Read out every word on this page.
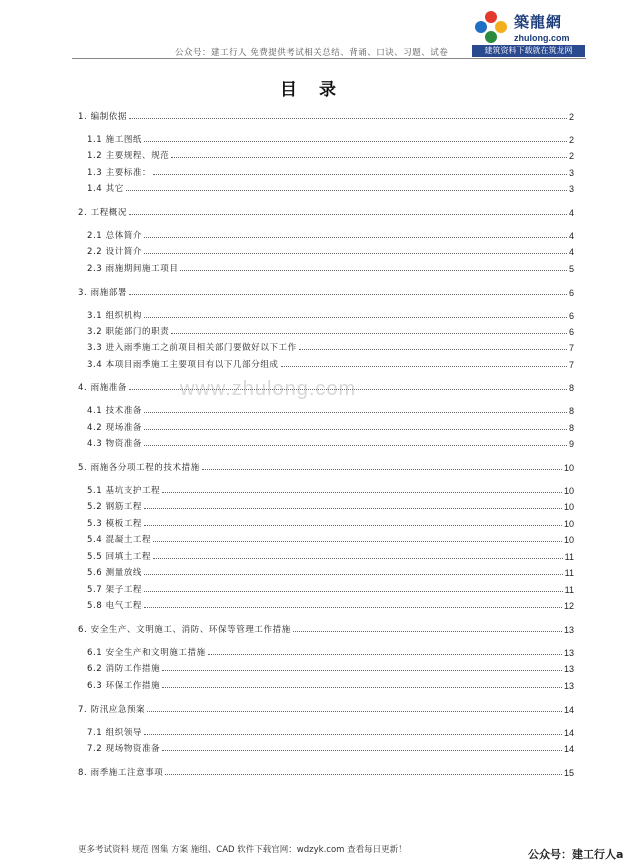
築龍網
zhulong.com
公众号：建工行人 免费提供考试相关总结、背诵、口诀、习题、试卷	建筑资料下载就在筑龙网
目录
www.zhulong.com
1. 编制依据	2
1.1 施工图纸	2
1.2 主要规程、规范	2
1.3 主要标准：	3
1.4 其它	3
2. 工程概况	4
2.1 总体简介	4
2.2 设计简介	4
2.3 雨施期间施工项目	5
3. 雨施部署	6
3.1 组织机构	6
3.2 职能部门的职责	6
3.3 进入雨季施工之前项目相关部门要做好以下工作	7
3.4 本项目雨季施工主要项目有以下几部分组成	7
4. 雨施准备	8
4.1 技术准备	8
4.2 现场准备	8
4.3 物资准备	9
5. 雨施各分项工程的技术措施	10
5.1 基坑支护工程	10
5.2 钢筋工程	10
5.3 模板工程	10
5.4 混凝土工程	10
5.5 回填土工程	11
5.6 测量放线	11
5.7 架子工程	11
5.8 电气工程	12
6. 安全生产、文明施工、消防、环保等管理工作措施	13
6.1 安全生产和文明施工措施	13
6.2 消防工作措施	13
6.3 环保工作措施	13
7. 防汛应急预案	14
7.1 组织领导	14
7.2 现场物资准备	14
8. 雨季施工注意事项	15
更多考试资料 规范 图集 方案 施组、CAD 软件下载官网：wdzyk.com 查看每日更新！	公众号：建工行人a
